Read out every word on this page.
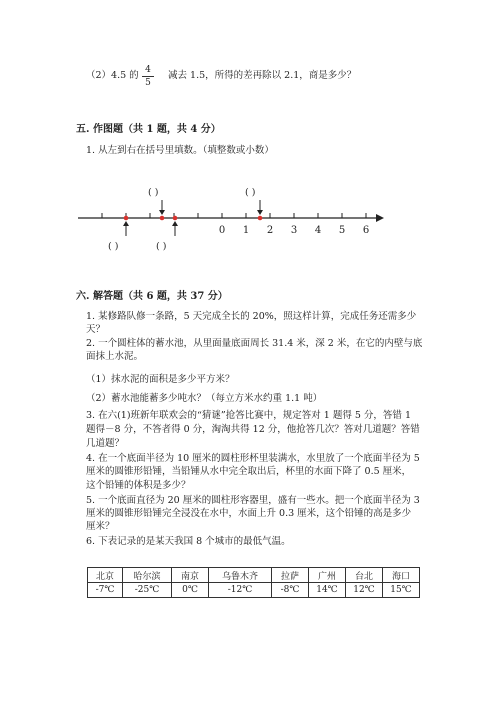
（2）4.5 的 4
5
减去 1.5，所得的差再除以 2.1，商是多少？
五. 作图题（共 1 题，共 4 分）
1. 从左到右在括号里填数。（填整数或小数）
0 1 2 3 4 5 6
( )	( )
( )	( )
六. 解答题（共 6 题，共 37 分）
1. 某修路队修一条路，5 天完成全长的 20%，照这样计算，完成任务还需多少
天？
2. 一个圆柱体的蓄水池，从里面量底面周长 31.4 米，深 2 米，在它的内壁与底
面抹上水泥。
（1）抹水泥的面积是多少平方米？
（2）蓄水池能蓄多少吨水？（每立方米水约重 1.1 吨）
3. 在六(1)班新年联欢会的“猜谜”抢答比赛中，规定答对 1 题得 5 分，答错 1
题得－8 分，不答者得 0 分，淘淘共得 12 分，他抢答几次？答对几道题？答错
几道题？
4. 在一个底面半径为 10 厘米的圆柱形杯里装满水，水里放了一个底面半径为 5
厘米的圆锥形铅锤，当铅锤从水中完全取出后，杯里的水面下降了 0.5 厘米，
这个铅锤的体积是多少？
5. 一个底面直径为 20 厘米的圆柱形容器里，盛有一些水。把一个底面半径为 3
厘米的圆锥形铅锤完全浸没在水中，水面上升 0.3 厘米，这个铅锤的高是多少
厘米？
6. 下表记录的是某天我国 8 个城市的最低气温。
北京	哈尔滨	南京	乌鲁木齐	拉萨	广州	台北	海口
-7℃	-25℃	0℃	-12℃	-8℃	14℃	12℃	15℃
